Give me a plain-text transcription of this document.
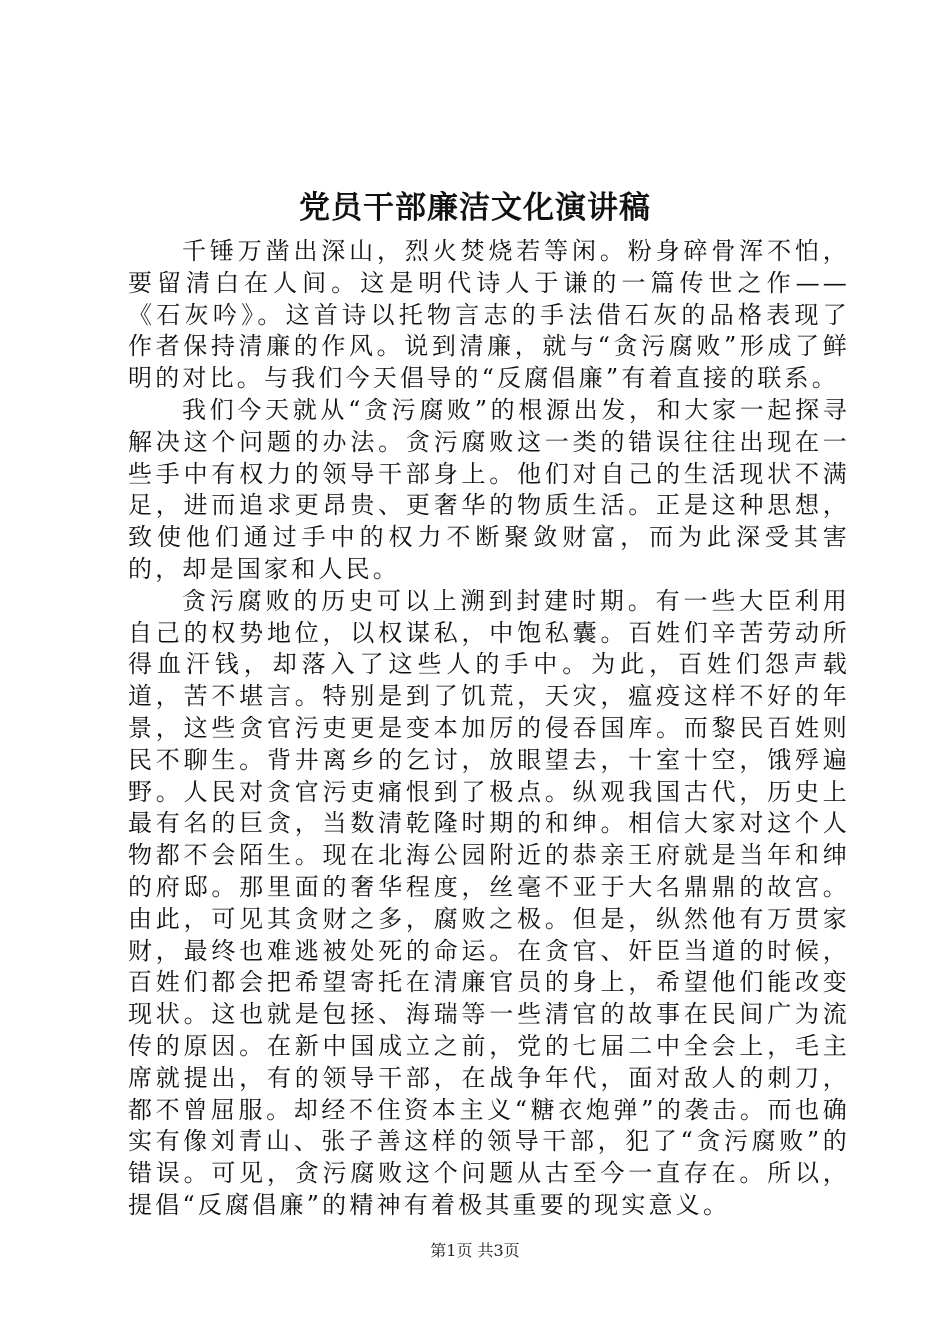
党员干部廉洁文化演讲稿

千锤万凿出深山，烈火焚烧若等闲。粉身碎骨浑不怕，要留清白在人间。这是明代诗人于谦的一篇传世之作——《石灰吟》。这首诗以托物言志的手法借石灰的品格表现了作者保持清廉的作风。说到清廉，就与“贪污腐败”形成了鲜明的对比。与我们今天倡导的“反腐倡廉”有着直接的联系。

我们今天就从“贪污腐败”的根源出发，和大家一起探寻解决这个问题的办法。贪污腐败这一类的错误往往出现在一些手中有权力的领导干部身上。他们对自己的生活现状不满足，进而追求更昂贵、更奢华的物质生活。正是这种思想，致使他们通过手中的权力不断聚敛财富，而为此深受其害的，却是国家和人民。

贪污腐败的历史可以上溯到封建时期。有一些大臣利用自己的权势地位，以权谋私，中饱私囊。百姓们辛苦劳动所得血汗钱，却落入了这些人的手中。为此，百姓们怨声载道，苦不堪言。特别是到了饥荒，天灾，瘟疫这样不好的年景，这些贪官污吏更是变本加厉的侵吞国库。而黎民百姓则民不聊生。背井离乡的乞讨，放眼望去，十室十空，饿殍遍野。人民对贪官污吏痛恨到了极点。纵观我国古代，历史上最有名的巨贪，当数清乾隆时期的和绅。相信大家对这个人物都不会陌生。现在北海公园附近的恭亲王府就是当年和绅的府邸。那里面的奢华程度，丝毫不亚于大名鼎鼎的故宫。由此，可见其贪财之多，腐败之极。但是，纵然他有万贯家财，最终也难逃被处死的命运。在贪官、奸臣当道的时候，百姓们都会把希望寄托在清廉官员的身上，希望他们能改变现状。这也就是包拯、海瑞等一些清官的故事在民间广为流传的原因。在新中国成立之前，党的七届二中全会上，毛主席就提出，有的领导干部，在战争年代，面对敌人的刺刀，都不曾屈服。却经不住资本主义“糖衣炮弹”的袭击。而也确实有像刘青山、张子善这样的领导干部，犯了“贪污腐败”的错误。可见，贪污腐败这个问题从古至今一直存在。所以，提倡“反腐倡廉”的精神有着极其重要的现实意义。

第1页 共3页
